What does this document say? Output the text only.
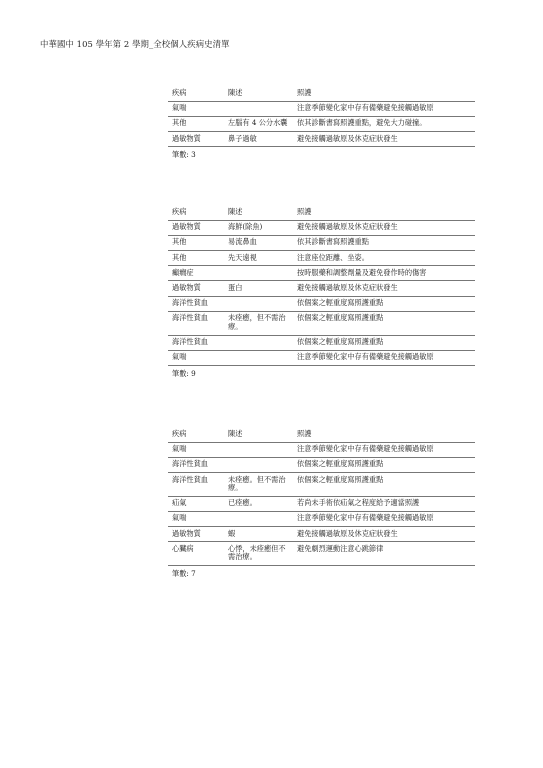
中華國中 105 學年第 2 學期_全校個人疾病史清單
疾病	陳述	照護
氣喘		注意季節變化家中存有備藥避免接觸過敏原
其他	左腦有 4 公分水囊	依其診斷書寫照護重點，避免大力碰撞。
過敏物質	鼻子過敏	避免接觸過敏原及休克症狀發生
筆數: 3
疾病	陳述	照護
過敏物質	海鮮(除魚)	避免接觸過敏原及休克症狀發生
其他	易流鼻血	依其診斷書寫照護重點
其他	先天遠視	注意座位距離、坐姿。
癲癇症		按時服藥和調整劑量及避免發作時的傷害
過敏物質	蛋白	避免接觸過敏原及休克症狀發生
海洋性貧血		依個案之輕重度寫照護重點
海洋性貧血	未痊癒，但不需治療。	依個案之輕重度寫照護重點
海洋性貧血		依個案之輕重度寫照護重點
氣喘		注意季節變化家中存有備藥避免接觸過敏原
筆數: 9
疾病	陳述	照護
氣喘		注意季節變化家中存有備藥避免接觸過敏原
海洋性貧血		依個案之輕重度寫照護重點
海洋性貧血	未痊癒。但不需治療。	依個案之輕重度寫照護重點
疝氣	已痊癒。	若尚未手術依疝氣之程度給予適當照護
氣喘		注意季節變化家中存有備藥避免接觸過敏原
過敏物質	蝦	避免接觸過敏原及休克症狀發生
心臟病	心悸，未痊癒但不需治療。	避免劇烈運動注意心跳節律
筆數: 7
